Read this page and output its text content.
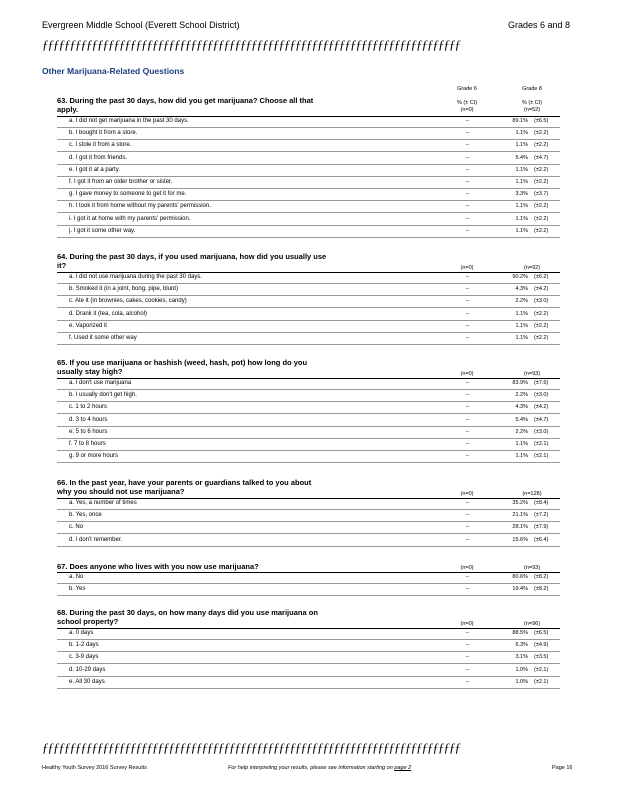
Evergreen Middle School (Everett School District)	Grades 6 and 8
ƒƒƒƒƒƒƒƒƒƒƒƒƒƒƒƒƒƒƒƒƒƒƒƒƒƒƒƒƒƒƒƒƒƒƒƒƒƒƒƒƒƒƒƒƒƒƒƒƒƒƒƒƒƒƒƒƒƒƒƒƒƒƒƒƒƒƒƒƒƒƒƒƒƒƒƒ
Other Marijuana-Related Questions
Grade 6	Grade 8
% (± CI)	% (± CI)
(n=0)	(n=52)
63. During the past 30 days, how did you get marijuana? Choose all that apply.
a. I did not get marijuana in the past 30 days.	--	89.1% (±6.5)
b. I bought it from a store.	--	1.1% (±2.2)
c. I stole it from a store.	--	1.1% (±2.2)
d. I got it from friends.	--	5.4% (±4.7)
e. I got it at a party.	--	1.1% (±2.2)
f. I got it from an older brother or sister.	--	1.1% (±2.2)
g. I gave money to someone to get it for me.	--	3.3% (±3.7)
h. I took it from home without my parents' permission.	--	1.1% (±2.2)
i. I got it at home with my parents' permission.	--	1.1% (±2.2)
j. I got it some other way.	--	1.1% (±2.2)
64. During the past 30 days, if you used marijuana, how did you usually use it?	(n=0)	(n=92)
a. I did not use marijuana during the past 30 days.	--	90.2% (±6.2)
b. Smoked it (in a joint, bong, pipe, blunt)	--	4.3% (±4.2)
c. Ate it (in brownies, cakes, cookies, candy)	--	2.2% (±3.0)
d. Drank it (tea, cola, alcohol)	--	1.1% (±2.2)
e. Vaporized it	--	1.1% (±2.2)
f. Used it some other way	--	1.1% (±2.2)
65. If you use marijuana or hashish (weed, hash, pot) how long do you usually stay high?	(n=0)	(n=93)
a. I don't use marijuana	--	83.9% (±7.6)
b. I usually don't get high.	--	2.2% (±3.0)
c. 1 to 2 hours	--	4.3% (±4.2)
d. 3 to 4 hours	--	5.4% (±4.7)
e. 5 to 6 hours	--	2.2% (±3.0)
f. 7 to 8 hours	--	1.1% (±2.1)
g. 9 or more hours	--	1.1% (±2.1)
66. In the past year, have your parents or guardians talked to you about why you should not use marijuana?	(n=0)	(n=128)
a. Yes, a number of times	--	35.2% (±8.4)
b. Yes, once	--	21.1% (±7.2)
c. No	--	28.1% (±7.9)
d. I don't remember.	--	15.6% (±6.4)
67. Does anyone who lives with you now use marijuana?	(n=0)	(n=93)
a. No	--	80.6% (±8.2)
b. Yes	--	19.4% (±8.2)
68. During the past 30 days, on how many days did you use marijuana on school property?	(n=0)	(n=96)
a. 0 days	--	88.5% (±6.5)
b. 1-2 days	--	6.3% (±4.9)
c. 3-9 days	--	3.1% (±3.5)
d. 10-29 days	--	1.0% (±2.1)
e. All 30 days	--	1.0% (±2.1)
ƒƒƒƒƒƒƒƒƒƒƒƒƒƒƒƒƒƒƒƒƒƒƒƒƒƒƒƒƒƒƒƒƒƒƒƒƒƒƒƒƒƒƒƒƒƒƒƒƒƒƒƒƒƒƒƒƒƒƒƒƒƒƒƒƒƒƒƒƒƒƒƒƒƒƒƒ
Healthy Youth Survey 2016 Survey Results	For help interpreting your results, please see information starting on page 2	Page 16
